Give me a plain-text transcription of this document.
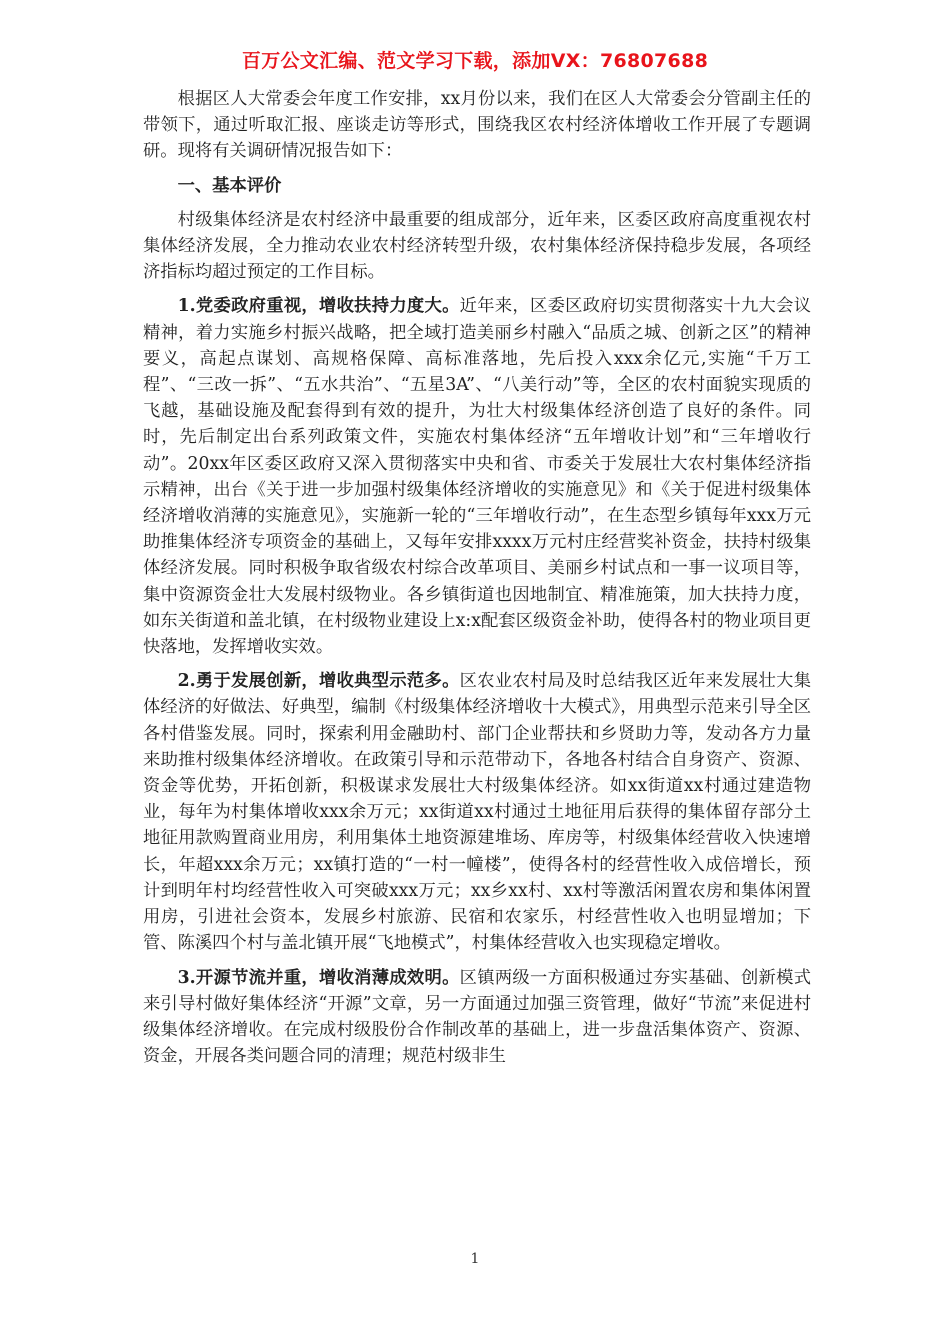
百万公文汇编、范文学习下载，添加VX：76807688

根据区人大常委会年度工作安排，xx月份以来，我们在区人大常委会分管副主任的带领下，通过听取汇报、座谈走访等形式，围绕我区农村经济体增收工作开展了专题调研。现将有关调研情况报告如下：

一、基本评价

村级集体经济是农村经济中最重要的组成部分，近年来，区委区政府高度重视农村集体经济发展，全力推动农业农村经济转型升级，农村集体经济保持稳步发展，各项经济指标均超过预定的工作目标。

1.党委政府重视，增收扶持力度大。近年来，区委区政府切实贯彻落实十九大会议精神，着力实施乡村振兴战略，把全域打造美丽乡村融入“品质之城、创新之区”的精神要义，高起点谋划、高规格保障、高标准落地，先后投入xxx余亿元,实施“千万工程”、“三改一拆”、“五水共治”、“五星3A”、“八美行动”等，全区的农村面貌实现质的飞越，基础设施及配套得到有效的提升，为壮大村级集体经济创造了良好的条件。同时，先后制定出台系列政策文件，实施农村集体经济“五年增收计划”和“三年增收行动”。20xx年区委区政府又深入贯彻落实中央和省、市委关于发展壮大农村集体经济指示精神，出台《关于进一步加强村级集体经济增收的实施意见》和《关于促进村级集体经济增收消薄的实施意见》，实施新一轮的“三年增收行动”，在生态型乡镇每年xxx万元助推集体经济专项资金的基础上，又每年安排xxxx万元村庄经营奖补资金，扶持村级集体经济发展。同时积极争取省级农村综合改革项目、美丽乡村试点和一事一议项目等，集中资源资金壮大发展村级物业。各乡镇街道也因地制宜、精准施策，加大扶持力度，如东关街道和盖北镇，在村级物业建设上x:x配套区级资金补助，使得各村的物业项目更快落地，发挥增收实效。

2.勇于发展创新，增收典型示范多。区农业农村局及时总结我区近年来发展壮大集体经济的好做法、好典型，编制《村级集体经济增收十大模式》，用典型示范来引导全区各村借鉴发展。同时，探索利用金融助村、部门企业帮扶和乡贤助力等，发动各方力量来助推村级集体经济增收。在政策引导和示范带动下，各地各村结合自身资产、资源、资金等优势，开拓创新，积极谋求发展壮大村级集体经济。如xx街道xx村通过建造物业，每年为村集体增收xxx余万元；xx街道xx村通过土地征用后获得的集体留存部分土地征用款购置商业用房，利用集体土地资源建堆场、库房等，村级集体经营收入快速增长，年超xxx余万元；xx镇打造的“一村一幢楼”，使得各村的经营性收入成倍增长，预计到明年村均经营性收入可突破xxx万元；xx乡xx村、xx村等激活闲置农房和集体闲置用房，引进社会资本，发展乡村旅游、民宿和农家乐，村经营性收入也明显增加；下管、陈溪四个村与盖北镇开展“飞地模式”，村集体经营收入也实现稳定增收。

3.开源节流并重，增收消薄成效明。区镇两级一方面积极通过夯实基础、创新模式来引导村做好集体经济“开源”文章，另一方面通过加强三资管理，做好“节流”来促进村级集体经济增收。在完成村级股份合作制改革的基础上，进一步盘活集体资产、资源、资金，开展各类问题合同的清理；规范村级非生

1
